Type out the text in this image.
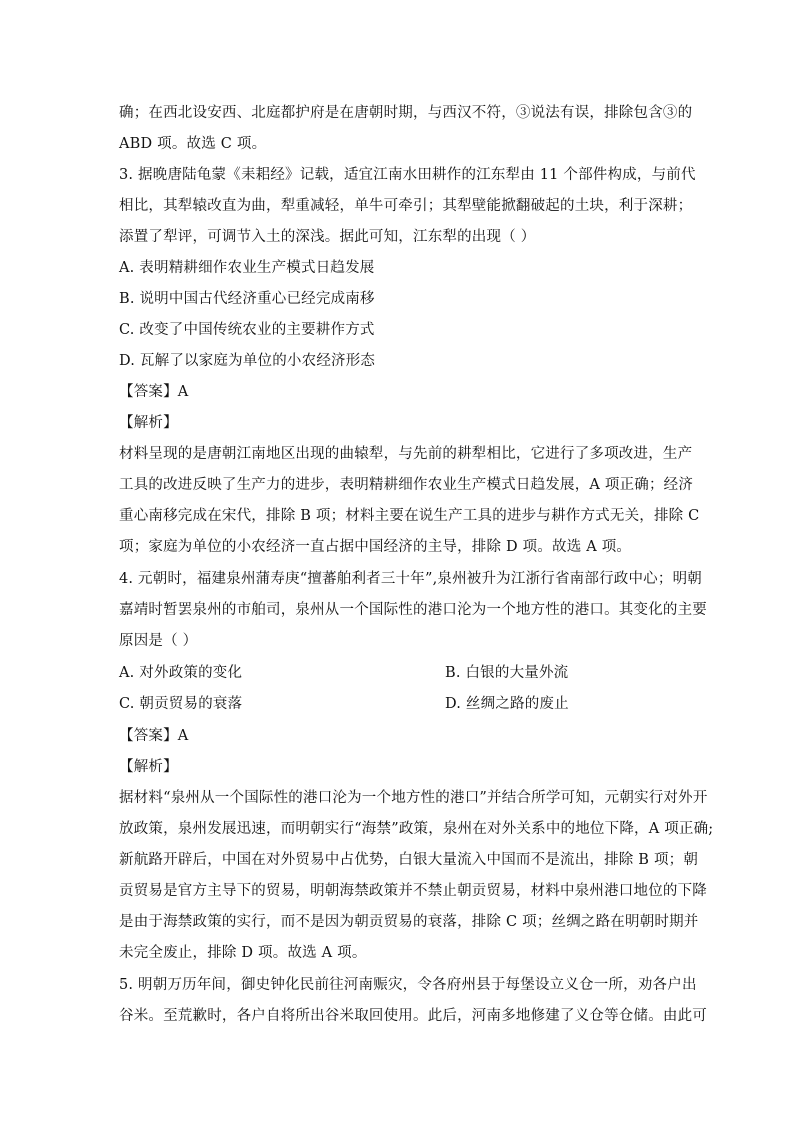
确；在西北设安西、北庭都护府是在唐朝时期，与西汉不符，③说法有误，排除包含③的
ABD 项。故选 C 项。
3. 据晚唐陆龟蒙《耒耜经》记载，适宜江南水田耕作的江东犁由 11 个部件构成，与前代
相比，其犁辕改直为曲，犁重减轻，单牛可牵引；其犁壁能掀翻破起的土块，利于深耕；
添置了犁评，可调节入土的深浅。据此可知，江东犁的出现（ ）
A. 表明精耕细作农业生产模式日趋发展
B. 说明中国古代经济重心已经完成南移
C. 改变了中国传统农业的主要耕作方式
D. 瓦解了以家庭为单位的小农经济形态
【答案】A
【解析】
材料呈现的是唐朝江南地区出现的曲辕犁，与先前的耕犁相比，它进行了多项改进，生产
工具的改进反映了生产力的进步，表明精耕细作农业生产模式日趋发展，A 项正确；经济
重心南移完成在宋代，排除 B 项；材料主要在说生产工具的进步与耕作方式无关，排除 C
项；家庭为单位的小农经济一直占据中国经济的主导，排除 D 项。故选 A 项。
4. 元朝时，福建泉州蒲寿庚“擅蕃舶利者三十年”,泉州被升为江浙行省南部行政中心；明朝
嘉靖时暂罢泉州的市舶司，泉州从一个国际性的港口沦为一个地方性的港口。其变化的主要
原因是（ ）
A. 对外政策的变化	B. 白银的大量外流
C. 朝贡贸易的衰落	D. 丝绸之路的废止
【答案】A
【解析】
据材料“泉州从一个国际性的港口沦为一个地方性的港口”并结合所学可知，元朝实行对外开
放政策，泉州发展迅速，而明朝实行“海禁”政策，泉州在对外关系中的地位下降，A 项正确;
新航路开辟后，中国在对外贸易中占优势，白银大量流入中国而不是流出，排除 B 项；朝
贡贸易是官方主导下的贸易，明朝海禁政策并不禁止朝贡贸易，材料中泉州港口地位的下降
是由于海禁政策的实行，而不是因为朝贡贸易的衰落，排除 C 项；丝绸之路在明朝时期并
未完全废止，排除 D 项。故选 A 项。
5. 明朝万历年间，御史钟化民前往河南赈灾，令各府州县于每堡设立义仓一所，劝各户出
谷米。至荒歉时，各户自将所出谷米取回使用。此后，河南多地修建了义仓等仓储。由此可
